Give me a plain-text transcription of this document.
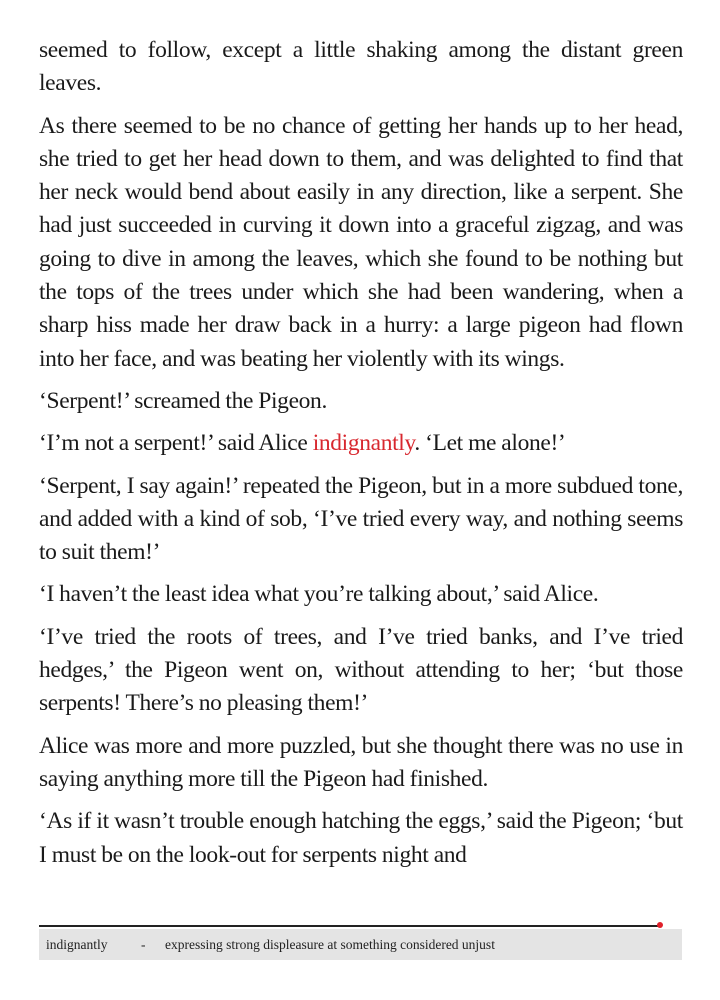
seemed to follow, except a little shaking among the distant green leaves.

As there seemed to be no chance of getting her hands up to her head, she tried to get her head down to them, and was delighted to find that her neck would bend about easily in any direction, like a serpent. She had just succeeded in curving it down into a graceful zigzag, and was going to dive in among the leaves, which she found to be nothing but the tops of the trees under which she had been wandering, when a sharp hiss made her draw back in a hurry: a large pigeon had flown into her face, and was beating her violently with its wings.

‘Serpent!’ screamed the Pigeon.

‘I’m not a serpent!’ said Alice indignantly. ‘Let me alone!’

‘Serpent, I say again!’ repeated the Pigeon, but in a more subdued tone, and added with a kind of sob, ‘I’ve tried every way, and nothing seems to suit them!’

‘I haven’t the least idea what you’re talking about,’ said Alice.

‘I’ve tried the roots of trees, and I’ve tried banks, and I’ve tried hedges,’ the Pigeon went on, without attending to her; ‘but those serpents! There’s no pleasing them!’

Alice was more and more puzzled, but she thought there was no use in saying anything more till the Pigeon had finished.

‘As if it wasn’t trouble enough hatching the eggs,’ said the Pigeon; ‘but I must be on the look-out for serpents night and

indignantly - expressing strong displeasure at something considered unjust
